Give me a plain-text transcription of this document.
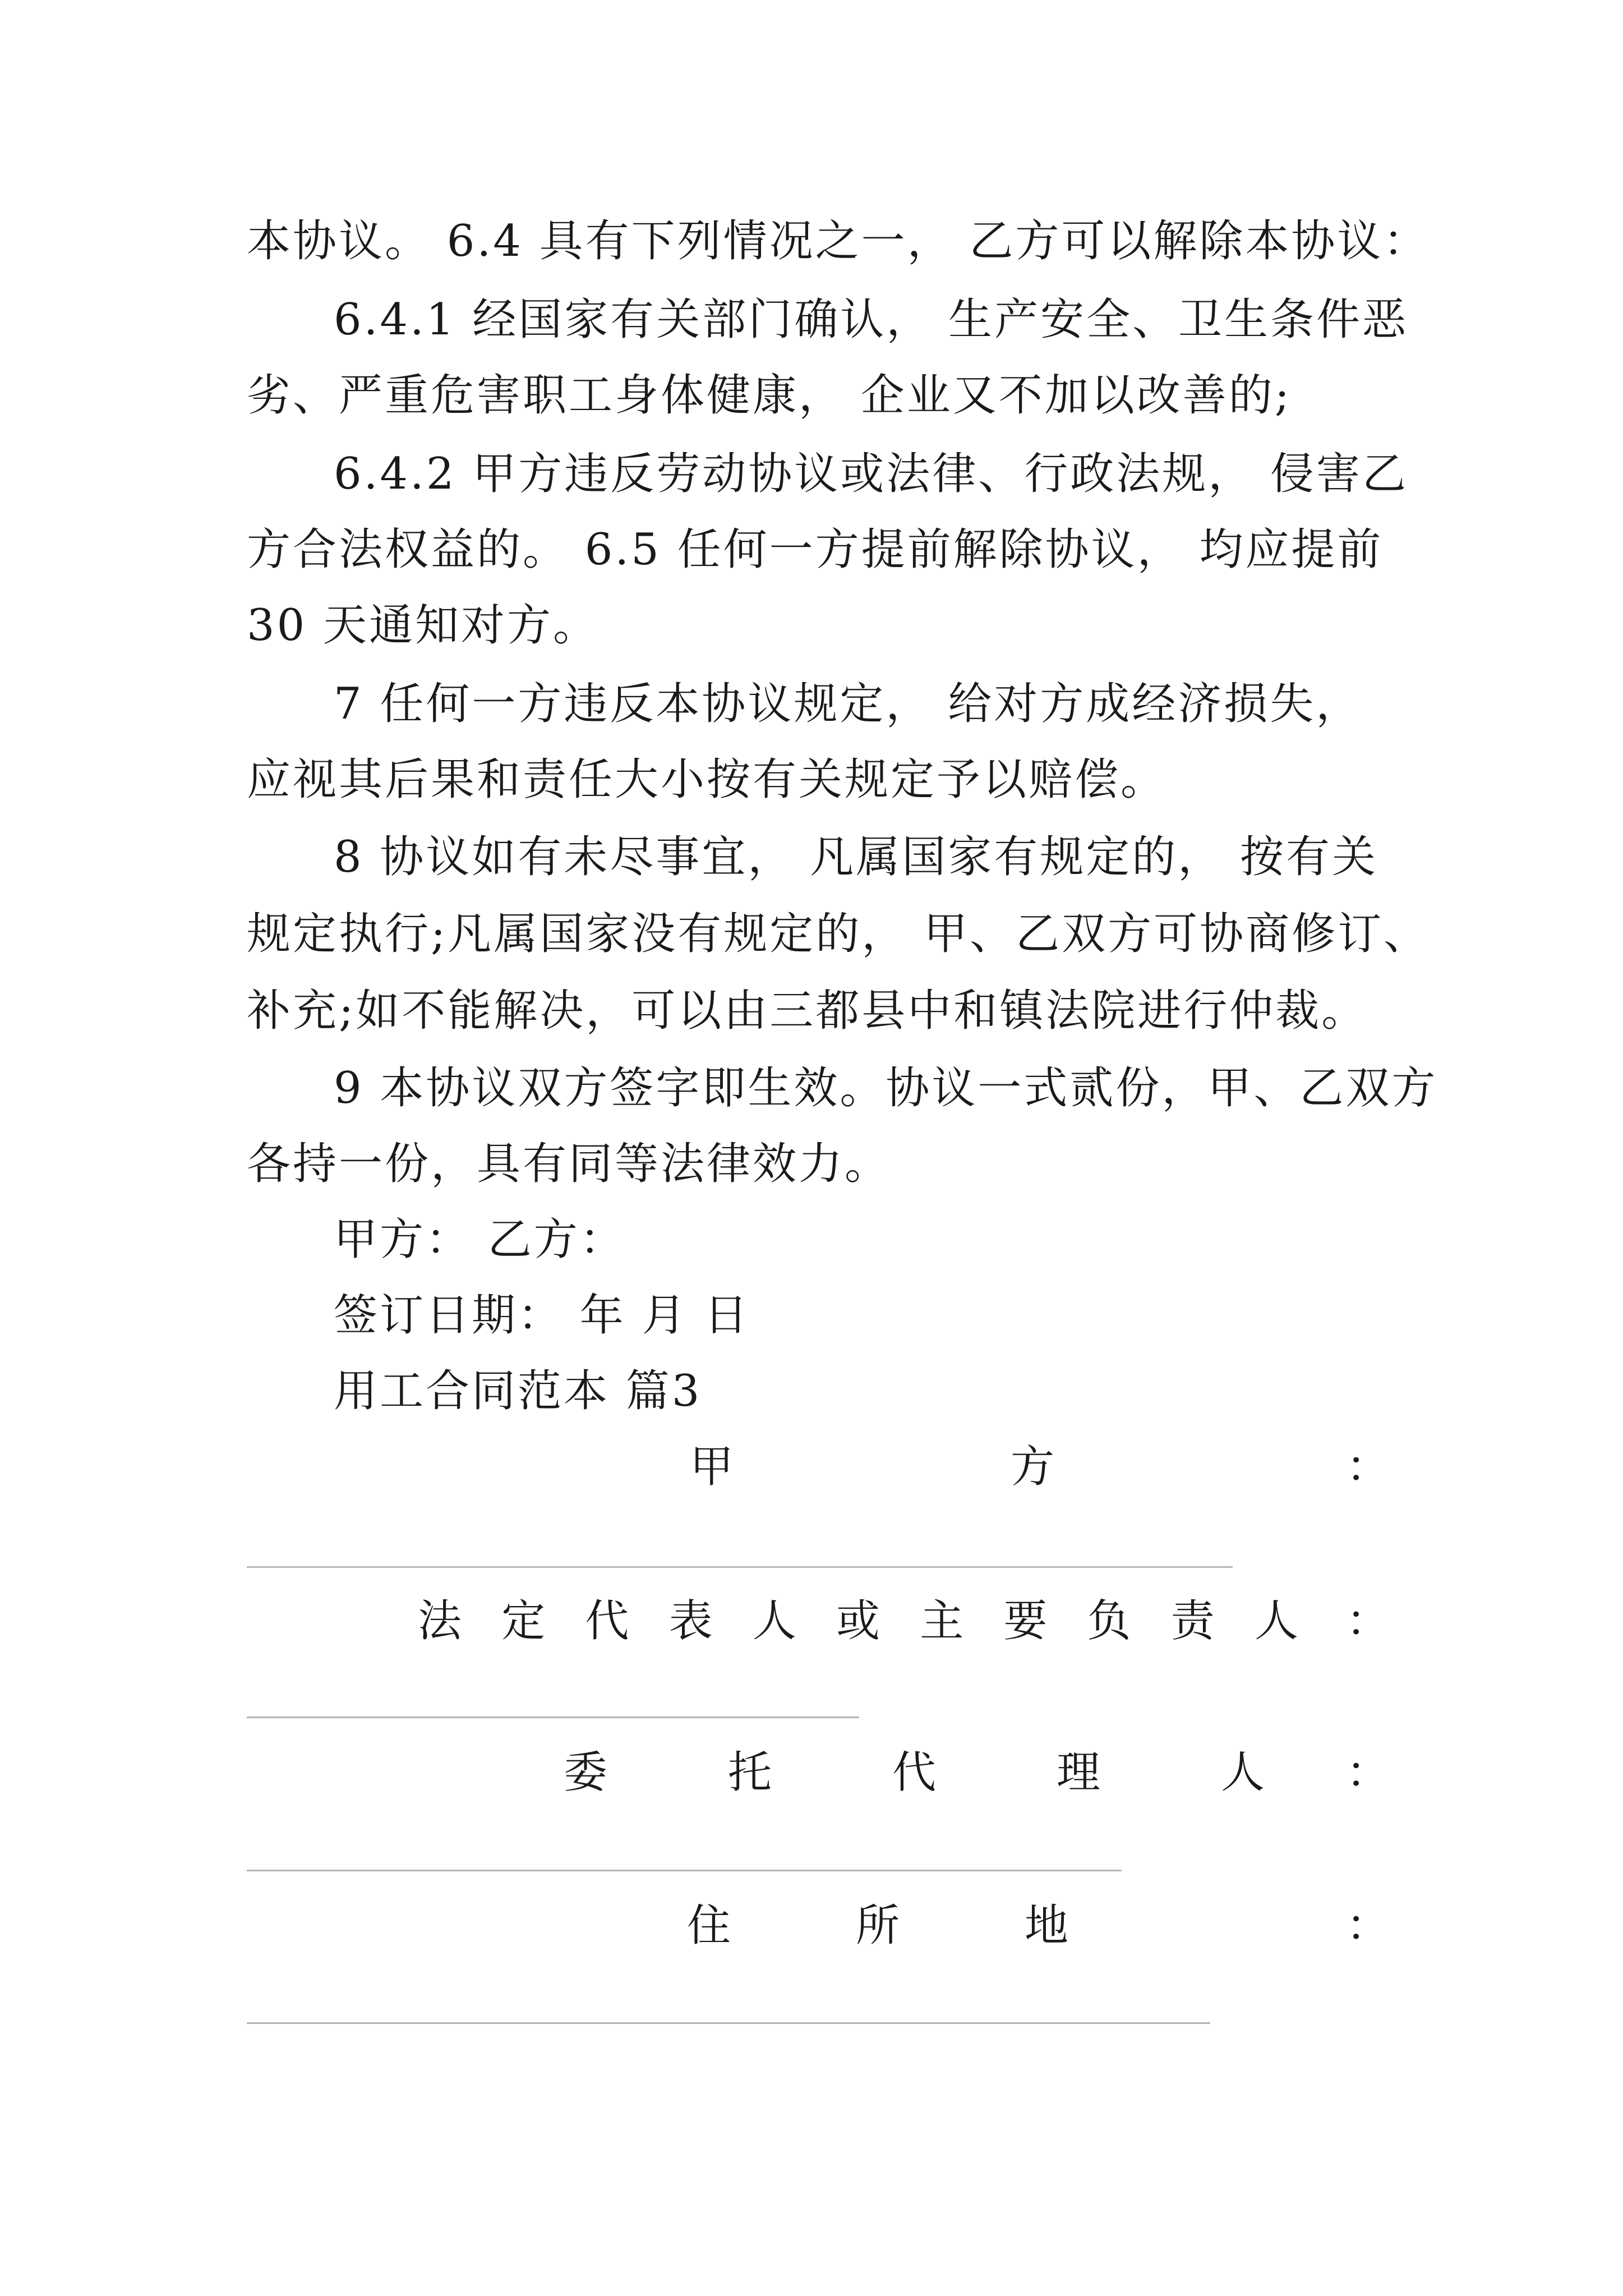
本协议。 6.4 具有下列情况之一， 乙方可以解除本协议：
6.4.1 经国家有关部门确认， 生产安全、卫生条件恶
劣、严重危害职工身体健康， 企业又不加以改善的;
6.4.2 甲方违反劳动协议或法律、行政法规， 侵害乙
方合法权益的。 6.5 任何一方提前解除协议， 均应提前
30 天通知对方。
7 任何一方违反本协议规定， 给对方成经济损失，
应视其后果和责任大小按有关规定予以赔偿。
8 协议如有未尽事宜， 凡属国家有规定的， 按有关
规定执行;凡属国家没有规定的， 甲、乙双方可协商修订、
补充;如不能解决，可以由三都县中和镇法院进行仲裁。
9 本协议双方签字即生效。协议一式贰份，甲、乙双方
各持一份，具有同等法律效力。
甲方： 乙方：
签订日期： 年 月 日
用工合同范本 篇3
甲	方	：
法 定 代 表 人 或 主 要 负 责 人 ：
委	托	代	理	人 ：
住	所	地	：
